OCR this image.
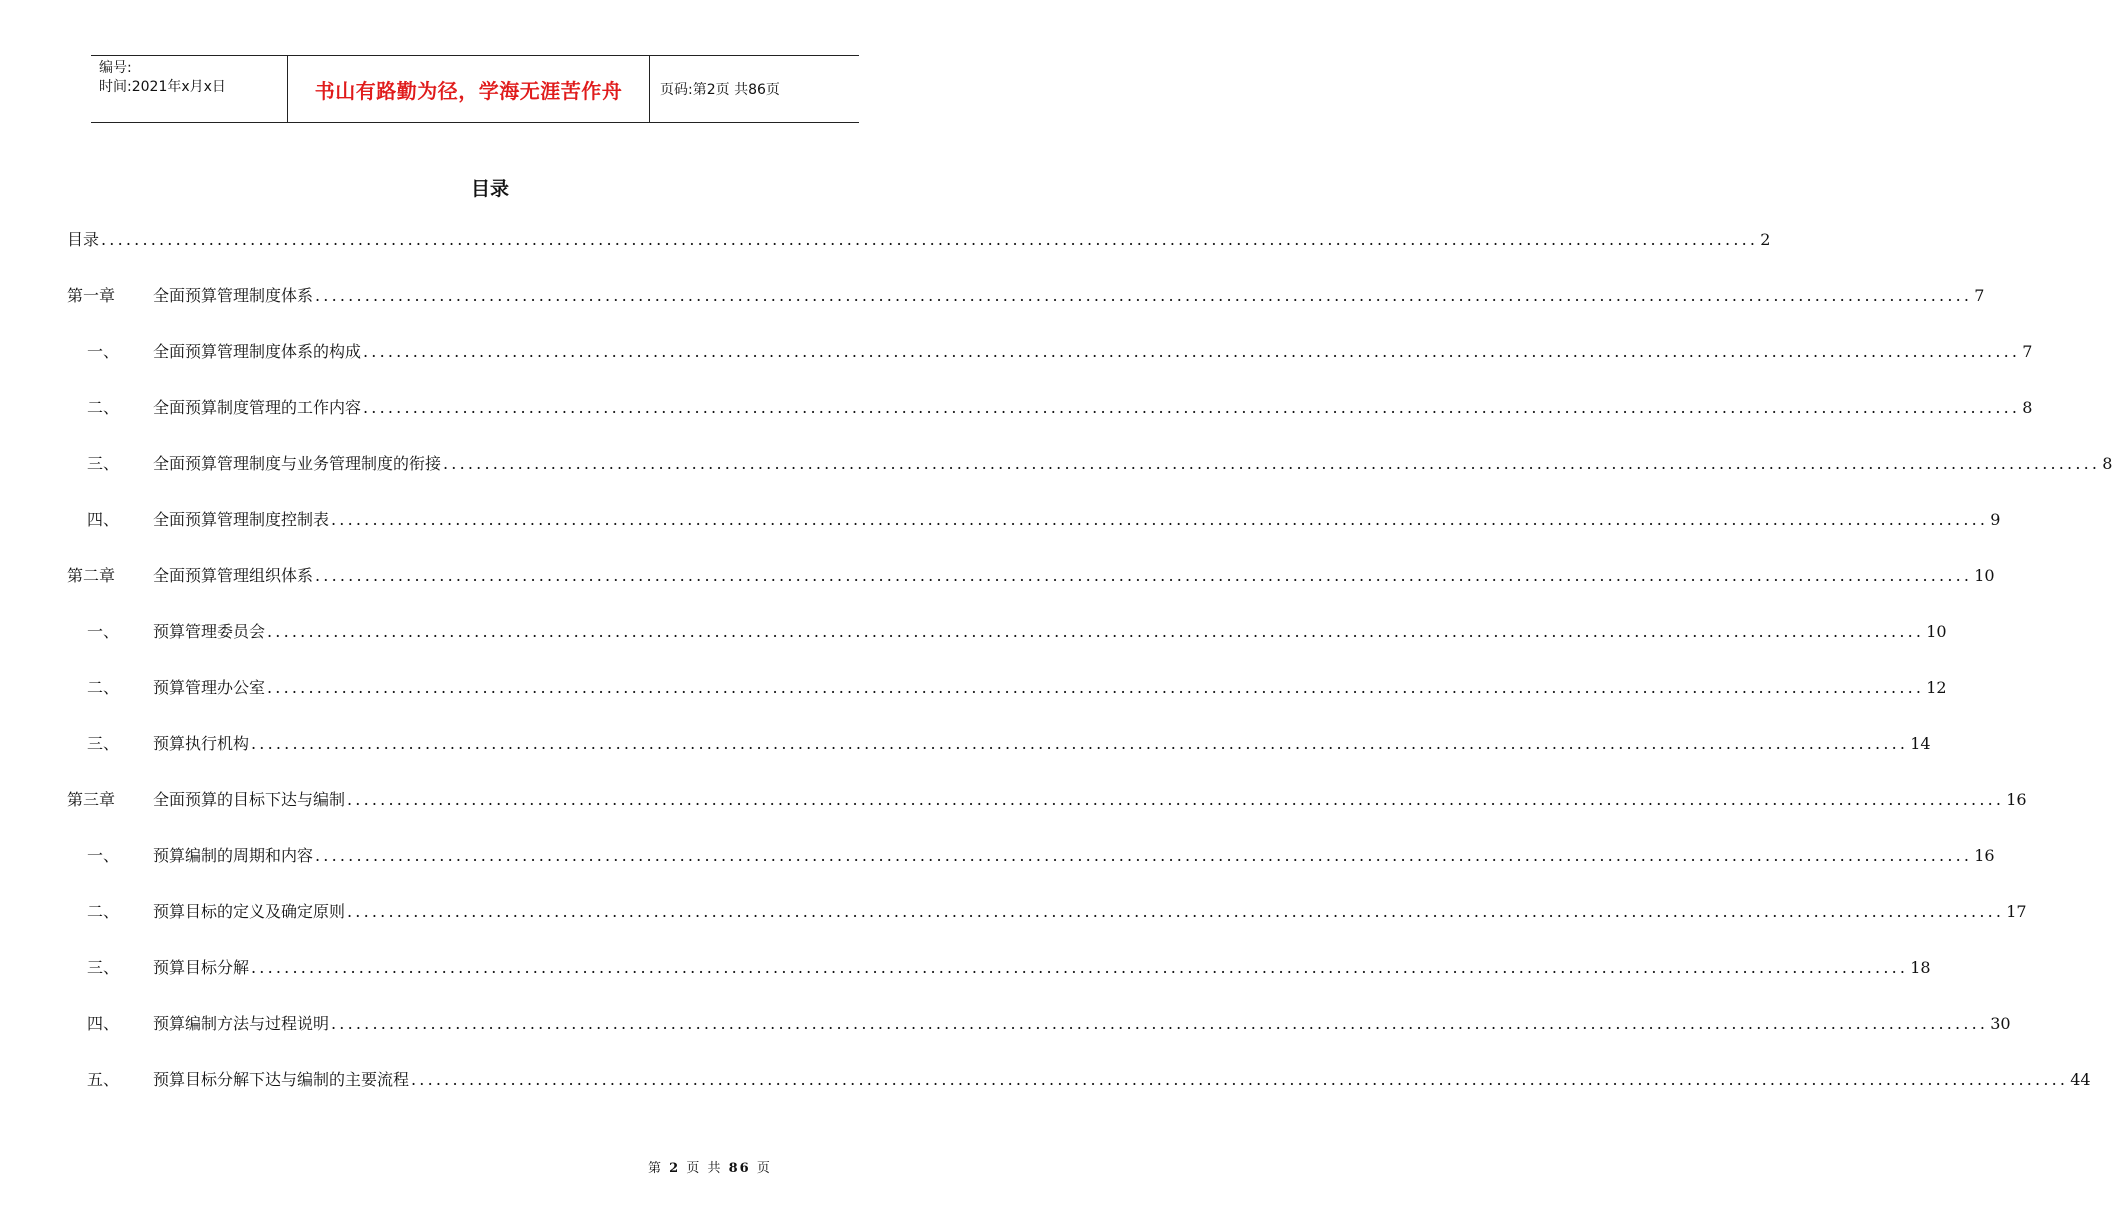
编号:
时间:2021年x月x日	书山有路勤为径，学海无涯苦作舟	页码:第2页 共86页
目录
目录 ........................................................................................................................................................................................................ 2
第一章	全面预算管理制度体系 ........................................................................................................................................................................................................ 7
一、	全面预算管理制度体系的构成 ........................................................................................................................................................................................................ 7
二、	全面预算制度管理的工作内容 ........................................................................................................................................................................................................ 8
三、	全面预算管理制度与业务管理制度的衔接 ........................................................................................................................................................................................................ 8
四、	全面预算管理制度控制表 ........................................................................................................................................................................................................ 9
第二章	全面预算管理组织体系 ........................................................................................................................................................................................................ 10
一、	预算管理委员会 ........................................................................................................................................................................................................ 10
二、	预算管理办公室 ........................................................................................................................................................................................................ 12
三、	预算执行机构 ........................................................................................................................................................................................................ 14
第三章	全面预算的目标下达与编制 ........................................................................................................................................................................................................ 16
一、	预算编制的周期和内容 ........................................................................................................................................................................................................ 16
二、	预算目标的定义及确定原则 ........................................................................................................................................................................................................ 17
三、	预算目标分解 ........................................................................................................................................................................................................ 18
四、	预算编制方法与过程说明 ........................................................................................................................................................................................................ 30
五、	预算目标分解下达与编制的主要流程 ........................................................................................................................................................................................................ 44
第 2 页 共 86 页
